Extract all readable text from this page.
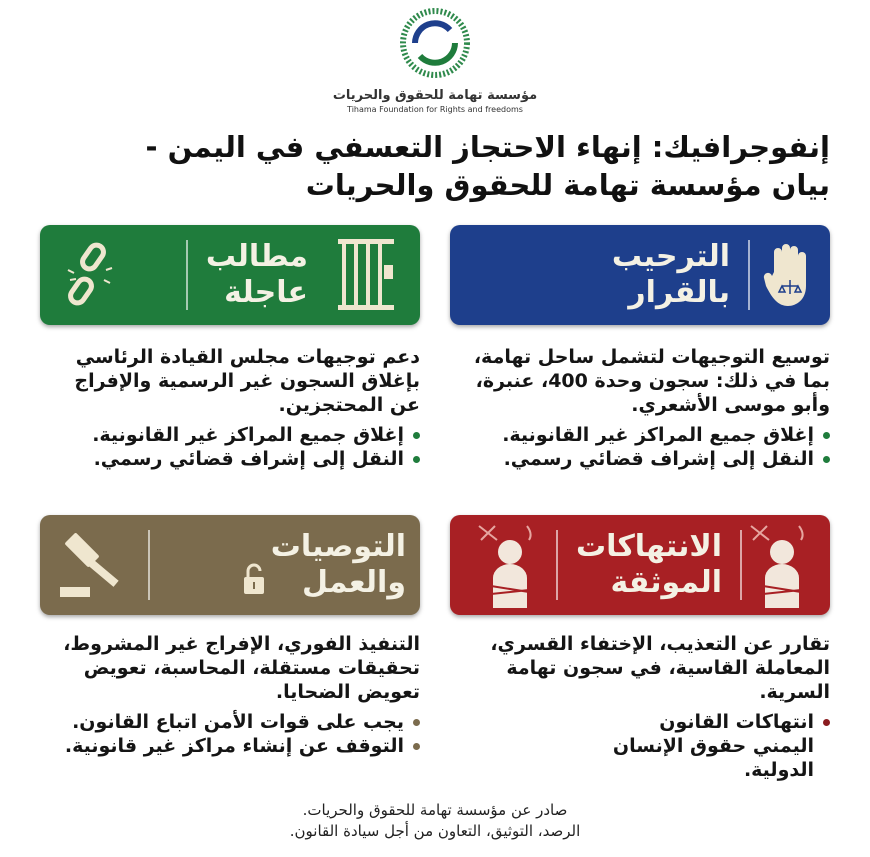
مؤسسة تهامة للحقوق والحريات
Tihama Foundation for Rights and freedoms
إنفوجرافيك: إنهاء الاحتجاز التعسفي في اليمن -
بيان مؤسسة تهامة للحقوق والحريات
الترحيب
بالقرار
مطالب
عاجلة
الانتهاكات
الموثقة
التوصيات
والعمل

توسيع التوجيهات لتشمل ساحل تهامة، بما في ذلك: سجون وحدة 400، عنبرة، وأبو موسى الأشعري.

إغلاق جميع المراكز غير القانونية.
النقل إلى إشراف قضائي رسمي.

دعم توجيهات مجلس القيادة الرئاسي بإغلاق السجون غير الرسمية والإفراج عن المحتجزين.

إغلاق جميع المراكز غير القانونية.
النقل إلى إشراف قضائي رسمي.

تقارر عن التعذيب، الإختفاء القسري، المعاملة القاسية، في سجون تهامة السرية.

انتهاكات القانون اليمني حقوق الإنسان الدولية.

التنفيذ الفوري، الإفراج غير المشروط، تحقيقات مستقلة، المحاسبة، تعويض تعويض الضحايا.

يجب على قوات الأمن اتباع القانون.
التوقف عن إنشاء مراكز غير قانونية.
صادر عن مؤسسة تهامة للحقوق والحريات.
الرصد، التوثيق، التعاون من أجل سيادة القانون.
